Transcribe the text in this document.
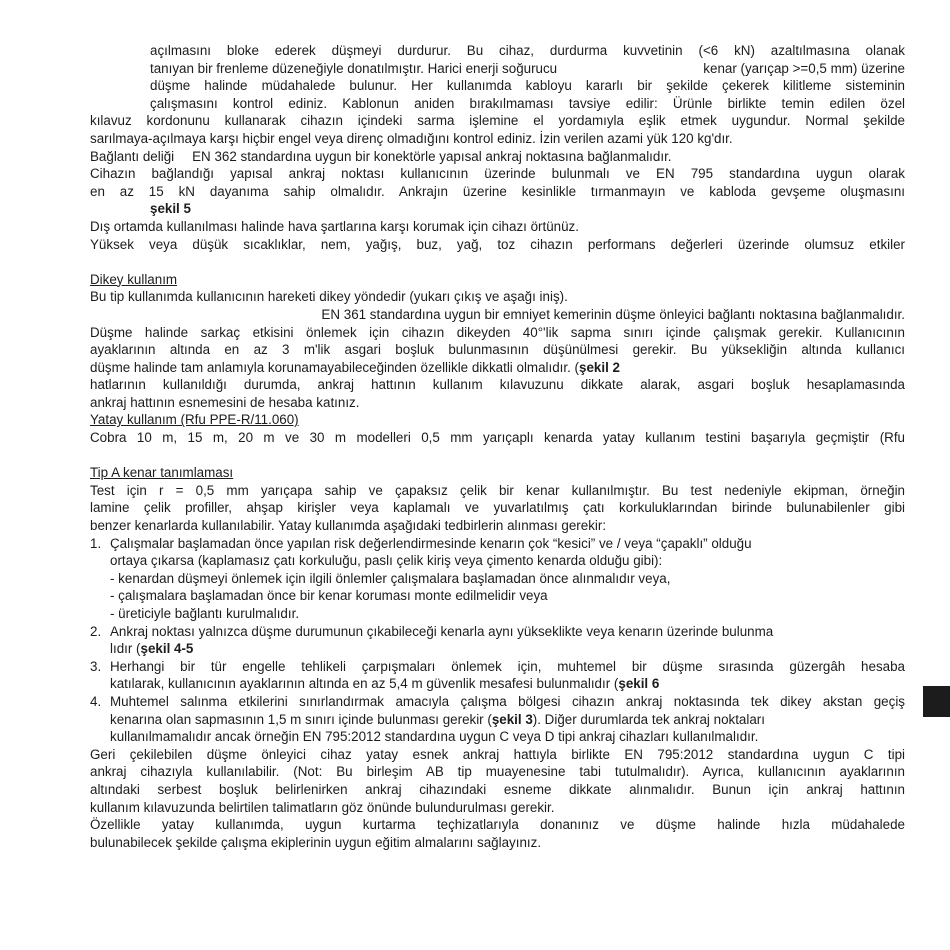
açılmasını bloke ederek düşmeyi durdurur. Bu cihaz, durdurma kuvvetinin (<6 kN) azaltılmasına olanak
tanıyan bir frenleme düzeneğiyle donatılmıştır. Harici enerji soğurucu	kenar (yarıçap >=0,5 mm) üzerine
düşme halinde müdahalede bulunur. Her kullanımda kabloyu kararlı bir şekilde çekerek kilitleme sisteminin
çalışmasını kontrol ediniz. Kablonun aniden bırakılmaması tavsiye edilir: Ürünle birlikte temin edilen özel
kılavuz kordonunu kullanarak cihazın içindeki sarma işlemine el yordamıyla eşlik etmek uygundur. Normal şekilde
sarılmaya-açılmaya karşı hiçbir engel veya direnç olmadığını kontrol ediniz. İzin verilen azami yük 120 kg'dır.
Bağlantı deliği EN 362 standardına uygun bir konektörle yapısal ankraj noktasına bağlanmalıdır.
Cihazın bağlandığı yapısal ankraj noktası kullanıcının üzerinde bulunmalı ve EN 795 standardına uygun olarak
en az 15 kN dayanıma sahip olmalıdır. Ankrajın üzerine kesinlikle tırmanmayın ve kabloda gevşeme oluşmasını
şekil 5
Dış ortamda kullanılması halinde hava şartlarına karşı korumak için cihazı örtünüz.
Yüksek veya düşük sıcaklıklar, nem, yağış, buz, yağ, toz cihazın performans değerleri üzerinde olumsuz etkiler
Dikey kullanım
Bu tip kullanımda kullanıcının hareketi dikey yöndedir (yukarı çıkış ve aşağı iniş).
EN 361 standardına uygun bir emniyet kemerinin düşme önleyici bağlantı noktasına bağlanmalıdır.
Düşme halinde sarkaç etkisini önlemek için cihazın dikeyden 40°'lik sapma sınırı içinde çalışmak gerekir. Kullanıcının
ayaklarının altında en az 3 m'lik asgari boşluk bulunmasının düşünülmesi gerekir. Bu yüksekliğin altında kullanıcı
düşme halinde tam anlamıyla korunamayabileceğinden özellikle dikkatli olmalıdır. (şekil 2
hatlarının kullanıldığı durumda, ankraj hattının kullanım kılavuzunu dikkate alarak, asgari boşluk hesaplamasında
ankraj hattının esnemesini de hesaba katınız.
Yatay kullanım (Rfu PPE-R/11.060)
Cobra 10 m, 15 m, 20 m ve 30 m modelleri 0,5 mm yarıçaplı kenarda yatay kullanım testini başarıyla geçmiştir (Rfu
Tip A kenar tanımlaması
Test için r = 0,5 mm yarıçapa sahip ve çapaksız çelik bir kenar kullanılmıştır. Bu test nedeniyle ekipman, örneğin
lamine çelik profiller, ahşap kirişler veya kaplamalı ve yuvarlatılmış çatı korkuluklarından birinde bulunabilenler gibi
benzer kenarlarda kullanılabilir. Yatay kullanımda aşağıdaki tedbirlerin alınması gerekir:
1. Çalışmalar başlamadan önce yapılan risk değerlendirmesinde kenarın çok “kesici” ve / veya “çapaklı” olduğu
ortaya çıkarsa (kaplamasız çatı korkuluğu, paslı çelik kiriş veya çimento kenarda olduğu gibi):
- kenardan düşmeyi önlemek için ilgili önlemler çalışmalara başlamadan önce alınmalıdır veya,
- çalışmalara başlamadan önce bir kenar koruması monte edilmelidir veya
- üreticiyle bağlantı kurulmalıdır.
2. Ankraj noktası yalnızca düşme durumunun çıkabileceği kenarla aynı yükseklikte veya kenarın üzerinde bulunma
lıdır (şekil 4-5
3. Herhangi bir tür engelle tehlikeli çarpışmaları önlemek için, muhtemel bir düşme sırasında güzergâh hesaba
katılarak, kullanıcının ayaklarının altında en az 5,4 m güvenlik mesafesi bulunmalıdır (şekil 6
4. Muhtemel salınma etkilerini sınırlandırmak amacıyla çalışma bölgesi cihazın ankraj noktasında tek dikey akstan geçiş
kenarına olan sapmasının 1,5 m sınırı içinde bulunması gerekir (şekil 3). Diğer durumlarda tek ankraj noktaları
kullanılmamalıdır ancak örneğin EN 795:2012 standardına uygun C veya D tipi ankraj cihazları kullanılmalıdır.
Geri çekilebilen düşme önleyici cihaz yatay esnek ankraj hattıyla birlikte EN 795:2012 standardına uygun C tipi
ankraj cihazıyla kullanılabilir. (Not: Bu birleşim AB tip muayenesine tabi tutulmalıdır). Ayrıca, kullanıcının ayaklarının
altındaki serbest boşluk belirlenirken ankraj cihazındaki esneme dikkate alınmalıdır. Bunun için ankraj hattının
kullanım kılavuzunda belirtilen talimatların göz önünde bulundurulması gerekir.
Özellikle yatay kullanımda, uygun kurtarma teçhizatlarıyla donanınız ve düşme halinde hızla müdahalede
bulunabilecek şekilde çalışma ekiplerinin uygun eğitim almalarını sağlayınız.
